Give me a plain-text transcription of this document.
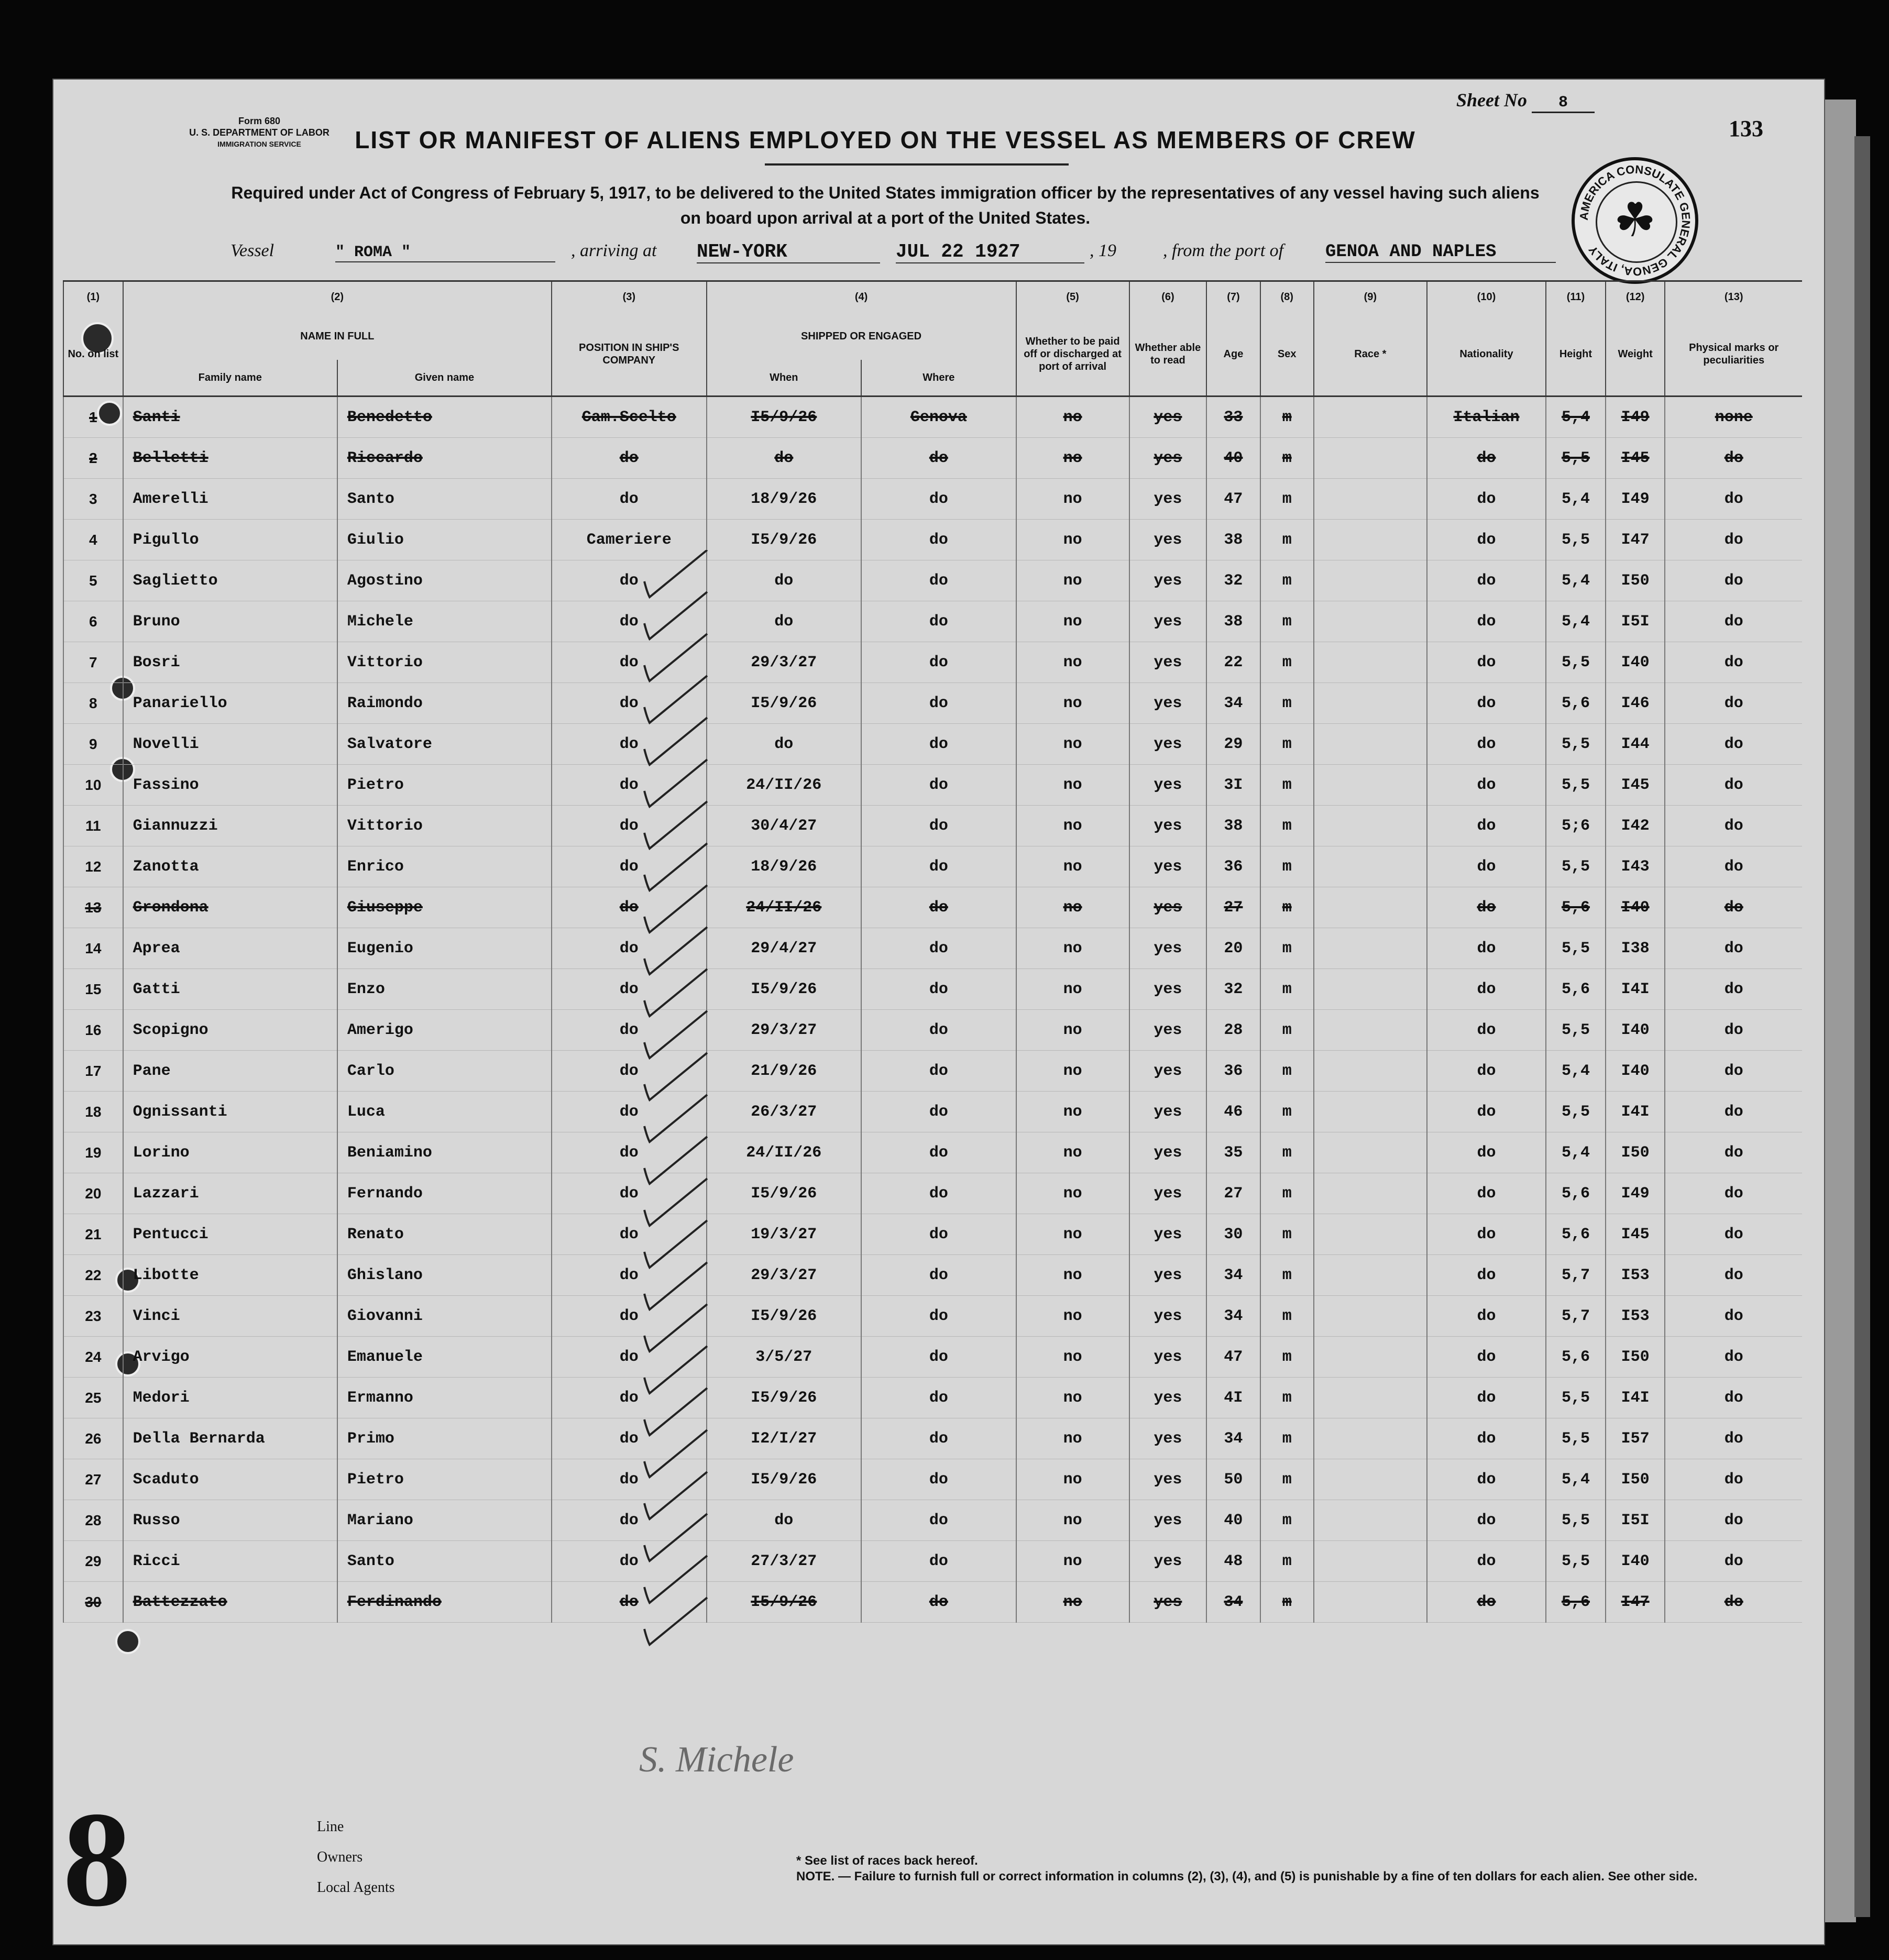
Form 680
U. S. DEPARTMENT OF LABOR
IMMIGRATION SERVICE
Sheet No 8
133
LIST OR MANIFEST OF ALIENS EMPLOYED ON THE VESSEL AS MEMBERS OF CREW
Required under Act of Congress of February 5, 1917, to be delivered to the United States immigration officer by the representatives of any vessel having such aliens
on board upon arrival at a port of the United States.
Vessel	" ROMA "	, arriving at NEW-YORK	JUL 22 1927	, 19	, from the port of GENOA AND NAPLES
AMERICA CONSULATE GENERAL GENOA, ITALY
☘
(1)	(2)		(3)	(4)		(5)	(6)	(7)	(8)	(9)	(10)	(11)	(12)	(13)
No. on list	NAME IN FULL		POSITION IN SHIP'S COMPANY	SHIPPED OR ENGAGED		Whether to be paid off or discharged at port of arrival	Whether able to read	Age	Sex	Race *	Nationality	Height	Weight	Physical marks or peculiarities
	Family name	Given name		When	Where									
1	Santi	Benedetto	Cam.Scelto	I5/9/26	Genova	no	yes	33	m		Italian	5,4	I49	none
2	Belletti	Riccardo	do	do	do	no	yes	40	m		do	5,5	I45	do
3	Amerelli	Santo	do	18/9/26	do	no	yes	47	m		do	5,4	I49	do
4	Pigullo	Giulio	Cameriere	I5/9/26	do	no	yes	38	m		do	5,5	I47	do
5	Saglietto	Agostino	do	do	do	no	yes	32	m		do	5,4	I50	do
6	Bruno	Michele	do	do	do	no	yes	38	m		do	5,4	I5I	do
7	Bosri	Vittorio	do	29/3/27	do	no	yes	22	m		do	5,5	I40	do
8	Panariello	Raimondo	do	I5/9/26	do	no	yes	34	m		do	5,6	I46	do
9	Novelli	Salvatore	do	do	do	no	yes	29	m		do	5,5	I44	do
10	Fassino	Pietro	do	24/II/26	do	no	yes	3I	m		do	5,5	I45	do
11	Giannuzzi	Vittorio	do	30/4/27	do	no	yes	38	m		do	5;6	I42	do
12	Zanotta	Enrico	do	18/9/26	do	no	yes	36	m		do	5,5	I43	do
13	Grondona	Giuseppe	do	24/II/26	do	no	yes	27	m		do	5,6	I40	do
14	Aprea	Eugenio	do	29/4/27	do	no	yes	20	m		do	5,5	I38	do
15	Gatti	Enzo	do	I5/9/26	do	no	yes	32	m		do	5,6	I4I	do
16	Scopigno	Amerigo	do	29/3/27	do	no	yes	28	m		do	5,5	I40	do
17	Pane	Carlo	do	21/9/26	do	no	yes	36	m		do	5,4	I40	do
18	Ognissanti	Luca	do	26/3/27	do	no	yes	46	m		do	5,5	I4I	do
19	Lorino	Beniamino	do	24/II/26	do	no	yes	35	m		do	5,4	I50	do
20	Lazzari	Fernando	do	I5/9/26	do	no	yes	27	m		do	5,6	I49	do
21	Pentucci	Renato	do	19/3/27	do	no	yes	30	m		do	5,6	I45	do
22	Libotte	Ghislano	do	29/3/27	do	no	yes	34	m		do	5,7	I53	do
23	Vinci	Giovanni	do	I5/9/26	do	no	yes	34	m		do	5,7	I53	do
24	Arvigo	Emanuele	do	3/5/27	do	no	yes	47	m		do	5,6	I50	do
25	Medori	Ermanno	do	I5/9/26	do	no	yes	4I	m		do	5,5	I4I	do
26	Della Bernarda	Primo	do	I2/I/27	do	no	yes	34	m		do	5,5	I57	do
27	Scaduto	Pietro	do	I5/9/26	do	no	yes	50	m		do	5,4	I50	do
28	Russo	Mariano	do	do	do	no	yes	40	m		do	5,5	I5I	do
29	Ricci	Santo	do	27/3/27	do	no	yes	48	m		do	5,5	I40	do
30	Battezzato	Ferdinando	do	I5/9/26	do	no	yes	34	m		do	5,6	I47	do
8
S. Michele
Line
Owners
Local Agents
* See list of races back hereof.
NOTE. — Failure to furnish full or correct information in columns (2), (3), (4), and (5) is punishable by a fine of ten dollars for each alien. See other side.
